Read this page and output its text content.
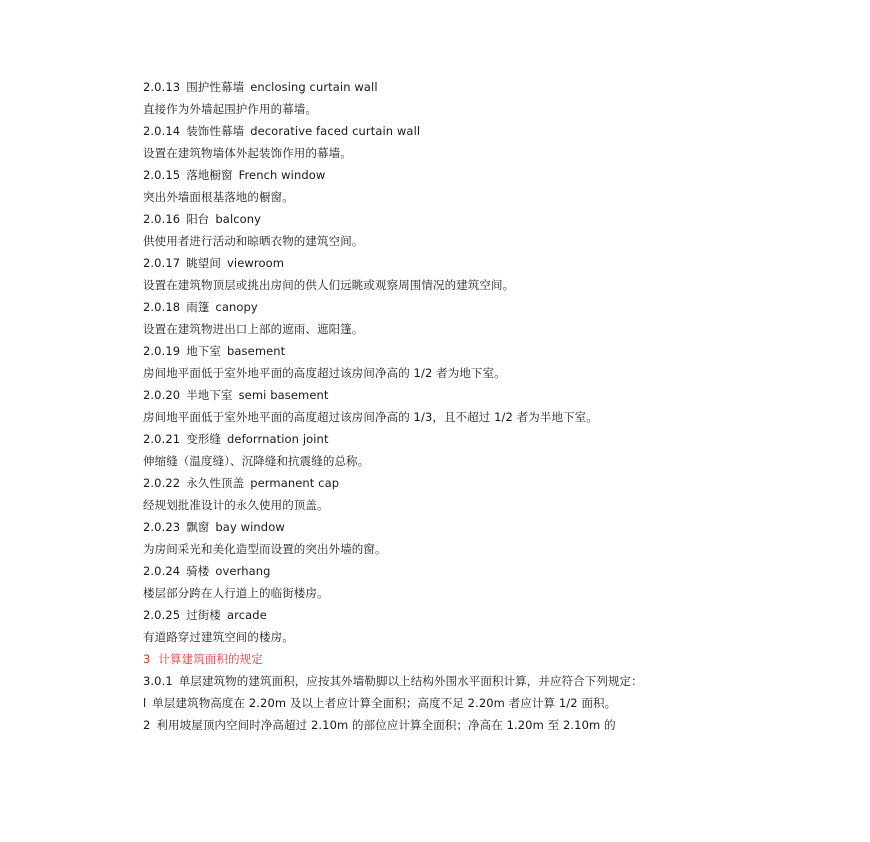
2.0.13 围护性幕墙 enclosing curtain wall
直接作为外墙起围护作用的幕墙。
2.0.14 装饰性幕墙 decorative faced curtain wall
设置在建筑物墙体外起装饰作用的幕墙。
2.0.15 落地橱窗 French window
突出外墙面根基落地的橱窗。
2.0.16 阳台 balcony
供使用者进行活动和晾晒衣物的建筑空间。
2.0.17 眺望间 viewroom
设置在建筑物顶层或挑出房间的供人们远眺或观察周围情况的建筑空间。
2.0.18 雨篷 canopy
设置在建筑物进出口上部的遮雨、遮阳篷。
2.0.19 地下室 basement
房间地平面低于室外地平面的高度超过该房间净高的 1/2 者为地下室。
2.0.20 半地下室 semi basement
房间地平面低于室外地平面的高度超过该房间净高的 1/3，且不超过 1/2 者为半地下室。
2.0.21 变形缝 deforrnation joint
伸缩缝（温度缝）、沉降缝和抗震缝的总称。
2.0.22 永久性顶盖 permanent cap
经规划批准设计的永久使用的顶盖。
2.0.23 飘窗 bay window
为房间采光和美化造型而设置的突出外墙的窗。
2.0.24 骑楼 overhang
楼层部分跨在人行道上的临街楼房。
2.0.25 过街楼 arcade
有道路穿过建筑空间的楼房。
3 计算建筑面积的规定
3.0.1 单层建筑物的建筑面积，应按其外墙勒脚以上结构外围水平面积计算，并应符合下列规定：
l 单层建筑物高度在 2.20m 及以上者应计算全面积；高度不足 2.20m 者应计算 1/2 面积。
2 利用坡屋顶内空间时净高超过 2.10m 的部位应计算全面积；净高在 1.20m 至 2.10m 的
